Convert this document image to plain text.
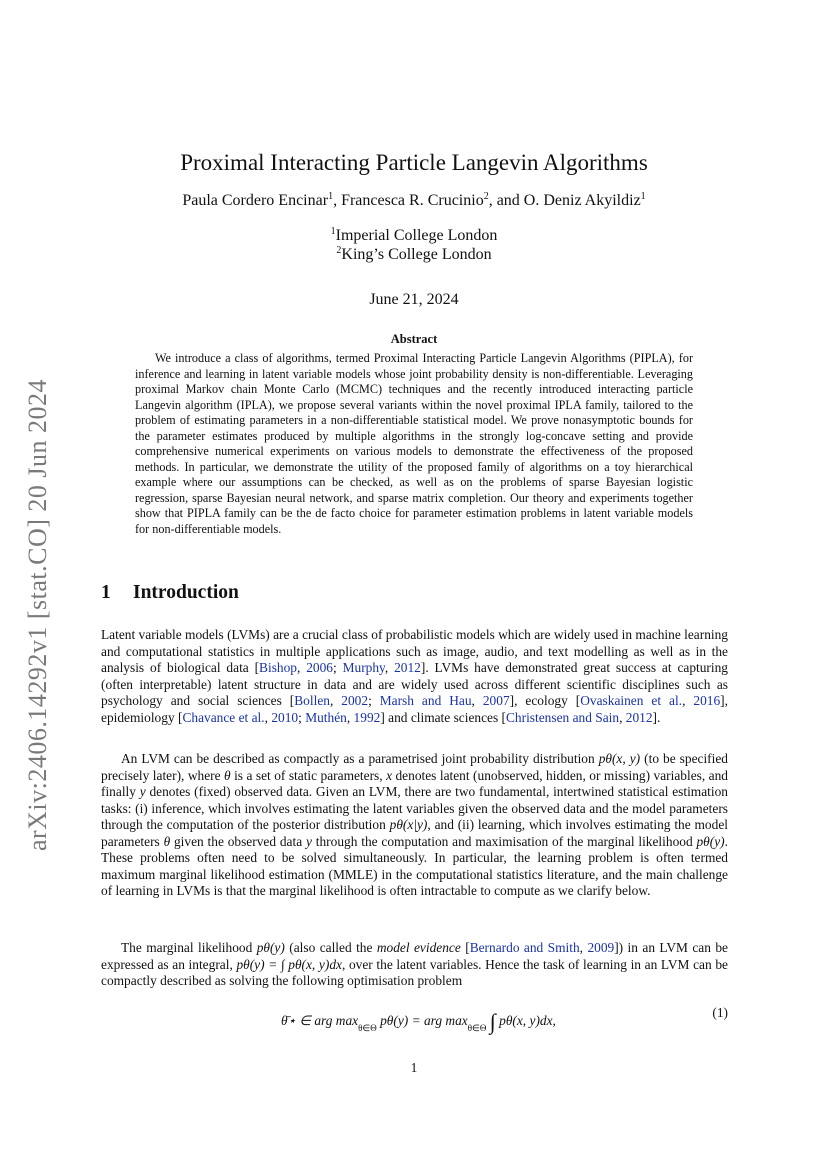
arXiv:2406.14292v1 [stat.CO] 20 Jun 2024
Proximal Interacting Particle Langevin Algorithms
Paula Cordero Encinar$^1$, Francesca R. Crucinio$^2$, and O. Deniz Akyildiz$^1$
$^1$Imperial College London
$^2$King’s College London
June 21, 2024
Abstract

We introduce a class of algorithms, termed Proximal Interacting Particle Langevin Algorithms (PIPLA), for inference and learning in latent variable models whose joint probability density is non-differentiable. Leveraging proximal Markov chain Monte Carlo (MCMC) techniques and the recently introduced interacting particle Langevin algorithm (IPLA), we propose several variants within the novel proximal IPLA family, tailored to the problem of estimating parameters in a non-differentiable statistical model. We prove nonasymptotic bounds for the parameter estimates produced by multiple algorithms in the strongly log-concave setting and provide comprehensive numerical experiments on various models to demonstrate the effectiveness of the proposed methods. In particular, we demonstrate the utility of the proposed family of algorithms on a toy hierarchical example where our assumptions can be checked, as well as on the problems of sparse Bayesian logistic regression, sparse Bayesian neural network, and sparse matrix completion. Our theory and experiments together show that PIPLA family can be the de facto choice for parameter estimation problems in latent variable models for non-differentiable models.

1 Introduction

Latent variable models (LVMs) are a crucial class of probabilistic models which are widely used in machine learning and computational statistics in multiple applications such as image, audio, and text modelling as well as in the analysis of biological data [Bishop, 2006; Murphy, 2012]. LVMs have demonstrated great success at capturing (often interpretable) latent structure in data and are widely used across different scientific disciplines such as psychology and social sciences [Bollen, 2002; Marsh and Hau, 2007], ecology [Ovaskainen et al., 2016], epidemiology [Chavance et al., 2010; Muthén, 1992] and climate sciences [Christensen and Sain, 2012].

An LVM can be described as compactly as a parametrised joint probability distribution pθ(x, y) (to be specified precisely later), where θ is a set of static parameters, x denotes latent (unobserved, hidden, or missing) variables, and finally y denotes (fixed) observed data. Given an LVM, there are two fundamental, intertwined statistical estimation tasks: (i) inference, which involves estimating the latent variables given the observed data and the model parameters through the computation of the posterior distribution pθ(x|y), and (ii) learning, which involves estimating the model parameters θ given the observed data y through the computation and maximisation of the marginal likelihood pθ(y). These problems often need to be solved simultaneously. In particular, the learning problem is often termed maximum marginal likelihood estimation (MMLE) in the computational statistics literature, and the main challenge of learning in LVMs is that the marginal likelihood is often intractable to compute as we clarify below.

The marginal likelihood pθ(y) (also called the model evidence [Bernardo and Smith, 2009]) in an LVM can be expressed as an integral, pθ(y) = ∫ pθ(x, y)dx, over the latent variables. Hence the task of learning in an LVM can be compactly described as solving the following optimisation problem

θ̄⋆ ∈ arg $\max_{\theta\in\Theta} p\theta(y)$ = arg $\max_{\theta\in\Theta}$ ∫ pθ(x, y)dx,
(1)
1
